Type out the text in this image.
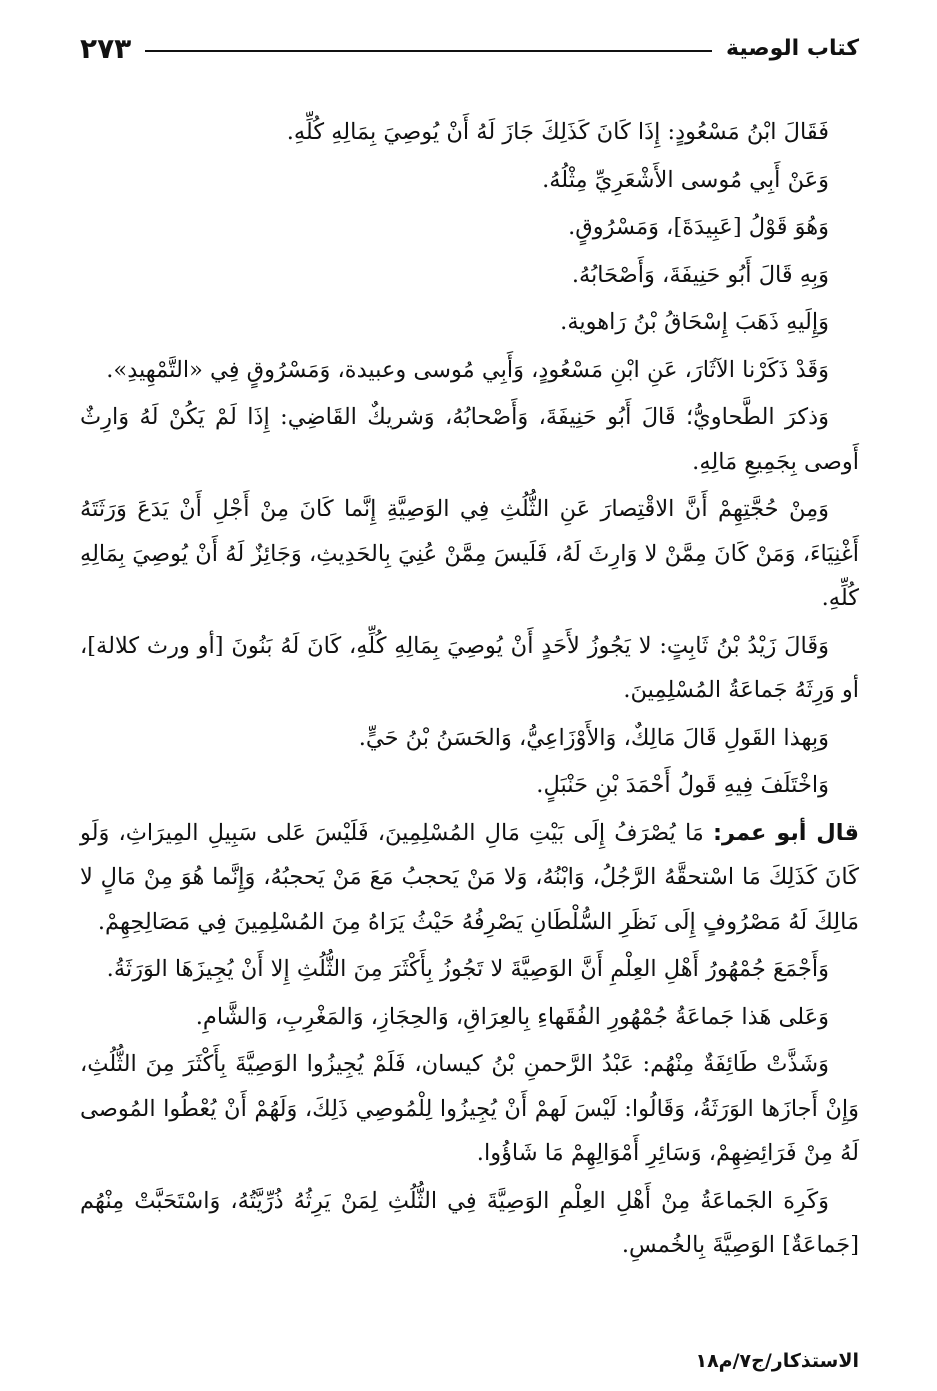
كتاب الوصية
٢٧٣

فَقَالَ ابْنُ مَسْعُودٍ: إِذَا كَانَ كَذَلِكَ جَازَ لَهُ أَنْ يُوصِيَ بِمَالِهِ كُلِّهِ.

وَعَنْ أَبِي مُوسى الأَشْعَرِيِّ مِثْلُهُ.

وَهُوَ قَوْلُ [عَبِيدَةَ]، وَمَسْرُوقٍ.

وَبِهِ قَالَ أَبُو حَنِيفَةَ، وَأَصْحَابُهُ.

وَإِلَيهِ ذَهَبَ إِسْحَاقُ بْنُ رَاهوية.

وَقَدْ ذَكَرْنا الآثَارَ، عَنِ ابْنِ مَسْعُودٍ، وَأَبِي مُوسى وعبيدة، وَمَسْرُوقٍ فِي «التَّمْهِيدِ».

وَذكرَ الطَّحاويُّ؛ قَالَ أَبُو حَنِيفَةَ، وَأَصْحابُهُ، وَشريكٌ القَاضِي: إِذَا لَمْ يَكُنْ لَهُ وَارِثٌ أَوصى بِجَمِيعِ مَالِهِ.

وَمِنْ حُجَّتِهِمْ أَنَّ الاقْتِصارَ عَنِ الثُّلُثِ فِي الوَصِيَّةِ إِنَّما كَانَ مِنْ أَجْلِ أَنْ يَدَعَ وَرَثَتَهُ أَغْنِيَاءَ، وَمَنْ كَانَ مِمَّنْ لا وَارِثَ لَهُ، فَلَيسَ مِمَّنْ عُنِيَ بِالحَدِيثِ، وَجَائِزٌ لَهُ أَنْ يُوصِيَ بِمَالِهِ كُلِّهِ.

وَقَالَ زَيْدُ بْنُ ثَابِتٍ: لا يَجُوزُ لأَحَدٍ أَنْ يُوصِيَ بِمَالِهِ كُلِّهِ، كَانَ لَهُ بَنُونَ [أو ورث كلالة]، أو وَرِثَهُ جَماعَةُ المُسْلِمِينَ.

وَبِهذا القَولِ قَالَ مَالِكٌ، وَالأَوْزَاعِيُّ، وَالحَسَنُ بْنُ حَيٍّ.

وَاخْتَلَفَ فِيهِ قَولُ أَحْمَدَ بْنِ حَنْبَلٍ.

قال أبو عمر: مَا يُصْرَفُ إِلَى بَيْتِ مَالِ المُسْلِمِينَ، فَلَيْسَ عَلى سَبِيلِ المِيرَاثِ، وَلَو كَانَ كَذَلِكَ مَا اسْتحقَّهُ الرَّجُلُ، وَابْنُهُ، وَلا مَنْ يَحجبُ مَعَ مَنْ يَحجبُهُ، وَإِنَّما هُوَ مِنْ مَالٍ لا مَالِكَ لَهُ مَصْرُوفٍ إِلَى نَظَرِ السُّلْطَانِ يَصْرِفُهُ حَيْثُ يَرَاهُ مِنَ المُسْلِمِينَ فِي مَصَالِحِهِمْ.

وَأَجْمَعَ جُمْهُورُ أَهْلِ العِلْمِ أَنَّ الوَصِيَّةَ لا تَجُوزُ بِأَكْثَرَ مِنَ الثُّلُثِ إِلا أَنْ يُجِيزَهَا الوَرَثَةُ.

وَعَلى هَذا جَماعَةُ جُمْهُورِ الفُقَهاءِ بِالعِرَاقِ، وَالحِجَازِ، وَالمَغْرِبِ، وَالشَّامِ.

وَشَذَّتْ طَائِفَةٌ مِنْهُم: عَبْدُ الرَّحمنِ بْنُ كيسان، فَلَمْ يُجِيزُوا الوَصِيَّةَ بِأَكْثَرَ مِنَ الثُّلُثِ، وَإِنْ أَجازَها الوَرَثَةُ، وَقَالُوا: لَيْسَ لَهمْ أَنْ يُجِيزُوا لِلْمُوصِي ذَلِكَ، وَلَهُمْ أَنْ يُعْطُوا المُوصى لَهُ مِنْ فَرَائِضِهِمْ، وَسَائِرِ أَمْوَالِهِمْ مَا شَاؤُوا.

وَكَرِهَ الجَماعَةُ مِنْ أَهْلِ العِلْمِ الوَصِيَّةَ فِي الثُّلُثِ لِمَنْ يَرِثُهُ ذُرِّيَّتُهُ، وَاسْتَحَبَّتْ مِنْهُم [جَماعَةٌ] الوَصِيَّةَ بِالخُمسِ.

الاستذكار/ج٧/م١٨
